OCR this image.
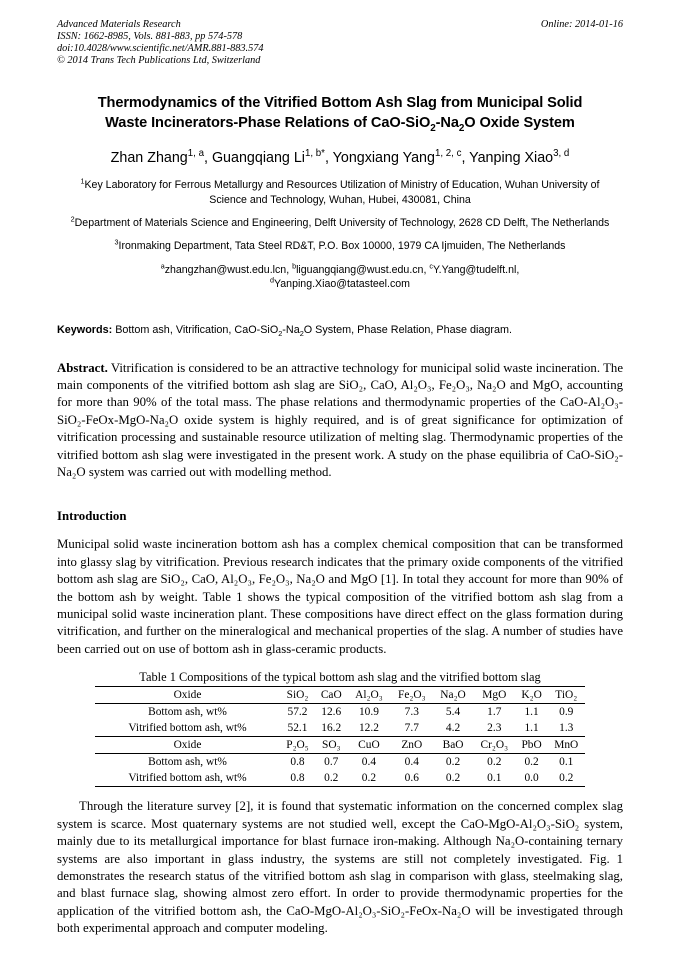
Advanced Materials Research
ISSN: 1662-8985, Vols. 881-883, pp 574-578
doi:10.4028/www.scientific.net/AMR.881-883.574
© 2014 Trans Tech Publications Ltd, Switzerland
Online: 2014-01-16
Thermodynamics of the Vitrified Bottom Ash Slag from Municipal Solid
Waste Incinerators-Phase Relations of CaO-$SiO_2-Na_2O$ Oxide System
Zhan Zhang$^{1, a}$, Guangqiang $Li^{1, b*}$, Yongxiang Yang$^{1, 2, c}$, Yanping Xiao$^{3, d}$
$^1$Key Laboratory for Ferrous Metallurgy and Resources Utilization of Ministry of Education, Wuhan University of Science and Technology, Wuhan, Hubei, 430081, China
$^2$Department of Materials Science and Engineering, Delft University of Technology, 2628 CD Delft, The Netherlands
$^3$Ironmaking Department, Tata Steel RD&T, P.O. Box 10000, 1979 CA Ijmuiden, The Netherlands
$^a$zhangzhan@wust.edu.lcn, $^b$liguangqiang@wust.edu.cn, $^c$Y.Yang@tudelft.nl,
$^d$Yanping.Xiao@tatasteel.com
Keywords: Bottom ash, Vitrification, CaO-$SiO_2-Na_2O$ System, Phase Relation, Phase diagram.

Abstract. Vitrification is considered to be an attractive technology for municipal solid waste incineration. The main components of the vitrified bottom ash slag are SiO₂, CaO, Al₂O₃, Fe₂O₃, Na₂O and MgO, accounting for more than 90% of the total mass. The phase relations and thermodynamic properties of the CaO-Al₂O₃-SiO₂-FeOx-MgO-Na₂O oxide system is highly required, and is of great significance for optimization of vitrification processing and sustainable resource utilization of melting slag. Thermodynamic properties of the vitrified bottom ash slag were investigated in the present work. A study on the phase equilibria of CaO-SiO₂-Na₂O system was carried out with modelling method.

Introduction

Municipal solid waste incineration bottom ash has a complex chemical composition that can be transformed into glassy slag by vitrification. Previous research indicates that the primary oxide components of the vitrified bottom ash slag are SiO₂, CaO, Al₂O₃, Fe₂O₃, Na₂O and MgO [1]. In total they account for more than 90% of the bottom ash by weight. Table 1 shows the typical composition of the vitrified bottom ash slag from a municipal solid waste incineration plant. These compositions have direct effect on the glass formation during vitrification, and further on the mineralogical and mechanical properties of the slag. A number of studies have been carried out on use of bottom ash in glass-ceramic products.

Table 1 Compositions of the typical bottom ash slag and the vitrified bottom slag
Oxide	SiO₂	CaO	Al₂O₃	Fe₂O₃	Na₂O	MgO	K₂O	TiO₂
Bottom ash, wt%	57.2	12.6	10.9	7.3	5.4	1.7	1.1	0.9
Vitrified bottom ash, wt%	52.1	16.2	12.2	7.7	4.2	2.3	1.1	1.3
Oxide	P₂O₅	SO₃	CuO	ZnO	BaO	Cr₂O₃	PbO	MnO
Bottom ash, wt%	0.8	0.7	0.4	0.4	0.2	0.2	0.2	0.1
Vitrified bottom ash, wt%	0.8	0.2	0.2	0.6	0.2	0.1	0.0	0.2

Through the literature survey [2], it is found that systematic information on the concerned complex slag system is scarce. Most quaternary systems are not studied well, except the CaO-MgO-Al₂O₃-SiO₂ system, mainly due to its metallurgical importance for blast furnace iron-making. Although Na₂O-containing ternary systems are also important in glass industry, the systems are still not completely investigated. Fig. 1 demonstrates the research status of the vitrified bottom ash slag in comparison with glass, steelmaking slag, and blast furnace slag, showing almost zero effort. In order to provide thermodynamic properties for the application of the vitrified bottom ash, the CaO-MgO-Al₂O₃-SiO₂-FeOx-Na₂O will be investigated through both experimental approach and computer modeling.
